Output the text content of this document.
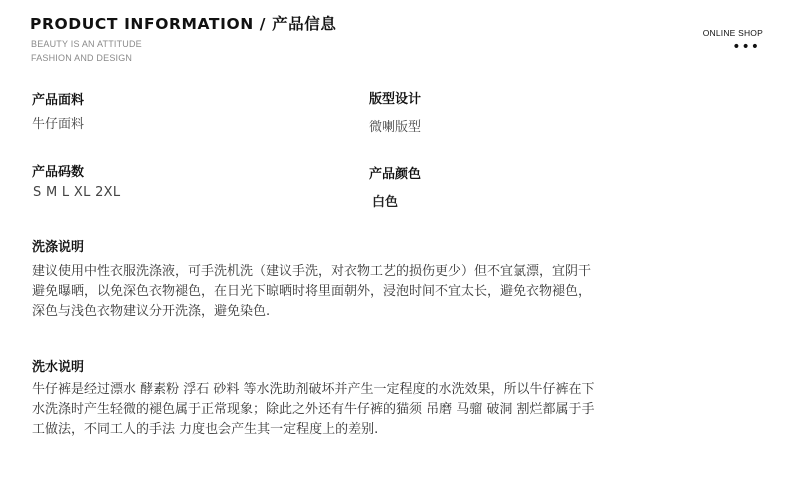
PRODUCT INFORMATION / 产品信息
BEAUTY IS AN ATTITUDE
FASHION AND DESIGN
ONLINE SHOP
•••
产品面料
牛仔面料
版型设计
微喇版型
产品码数
S M L XL 2XL
产品颜色
白色
洗涤说明
建议使用中性衣服洗涤液，可手洗机洗（建议手洗，对衣物工艺的损伤更少）但不宜氯漂，宜阴干
避免曝晒，以免深色衣物褪色，在日光下晾晒时将里面朝外，浸泡时间不宜太长，避免衣物褪色，
深色与浅色衣物建议分开洗涤，避免染色.
洗水说明
牛仔裤是经过漂水 酵素粉 浮石 砂料 等水洗助剂破坏并产生一定程度的水洗效果，所以牛仔裤在下
水洗涤时产生轻微的褪色属于正常现象；除此之外还有牛仔裤的猫须 吊磨 马骝 破洞 割烂都属于手
工做法，不同工人的手法 力度也会产生其一定程度上的差别.
